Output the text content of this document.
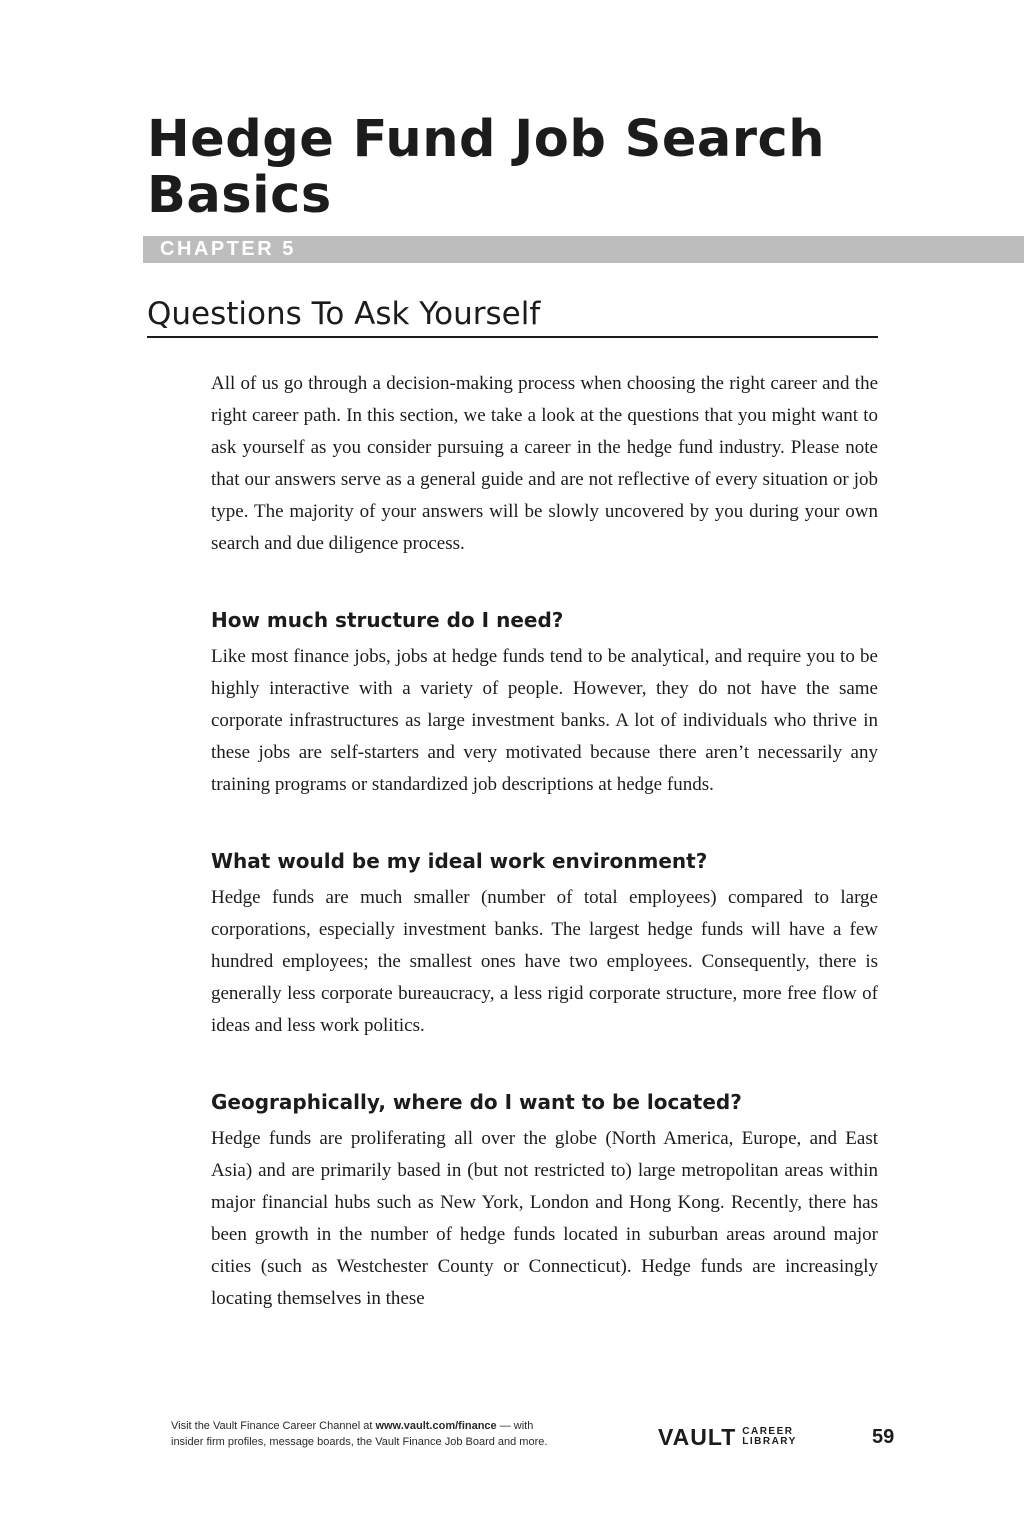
Hedge Fund Job Search Basics
CHAPTER 5
Questions To Ask Yourself

All of us go through a decision-making process when choosing the right career and the right career path. In this section, we take a look at the questions that you might want to ask yourself as you consider pursuing a career in the hedge fund industry. Please note that our answers serve as a general guide and are not reflective of every situation or job type. The majority of your answers will be slowly uncovered by you during your own search and due diligence process.

How much structure do I need?

Like most finance jobs, jobs at hedge funds tend to be analytical, and require you to be highly interactive with a variety of people. However, they do not have the same corporate infrastructures as large investment banks. A lot of individuals who thrive in these jobs are self-starters and very motivated because there aren’t necessarily any training programs or standardized job descriptions at hedge funds.

What would be my ideal work environment?

Hedge funds are much smaller (number of total employees) compared to large corporations, especially investment banks. The largest hedge funds will have a few hundred employees; the smallest ones have two employees. Consequently, there is generally less corporate bureaucracy, a less rigid corporate structure, more free flow of ideas and less work politics.

Geographically, where do I want to be located?

Hedge funds are proliferating all over the globe (North America, Europe, and East Asia) and are primarily based in (but not restricted to) large metropolitan areas within major financial hubs such as New York, London and Hong Kong. Recently, there has been growth in the number of hedge funds located in suburban areas around major cities (such as Westchester County or Connecticut). Hedge funds are increasingly locating themselves in these

Visit the Vault Finance Career Channel at www.vault.com/finance — with
insider firm profiles, message boards, the Vault Finance Job Board and more.	VAULT CAREER
LIBRARY	59
